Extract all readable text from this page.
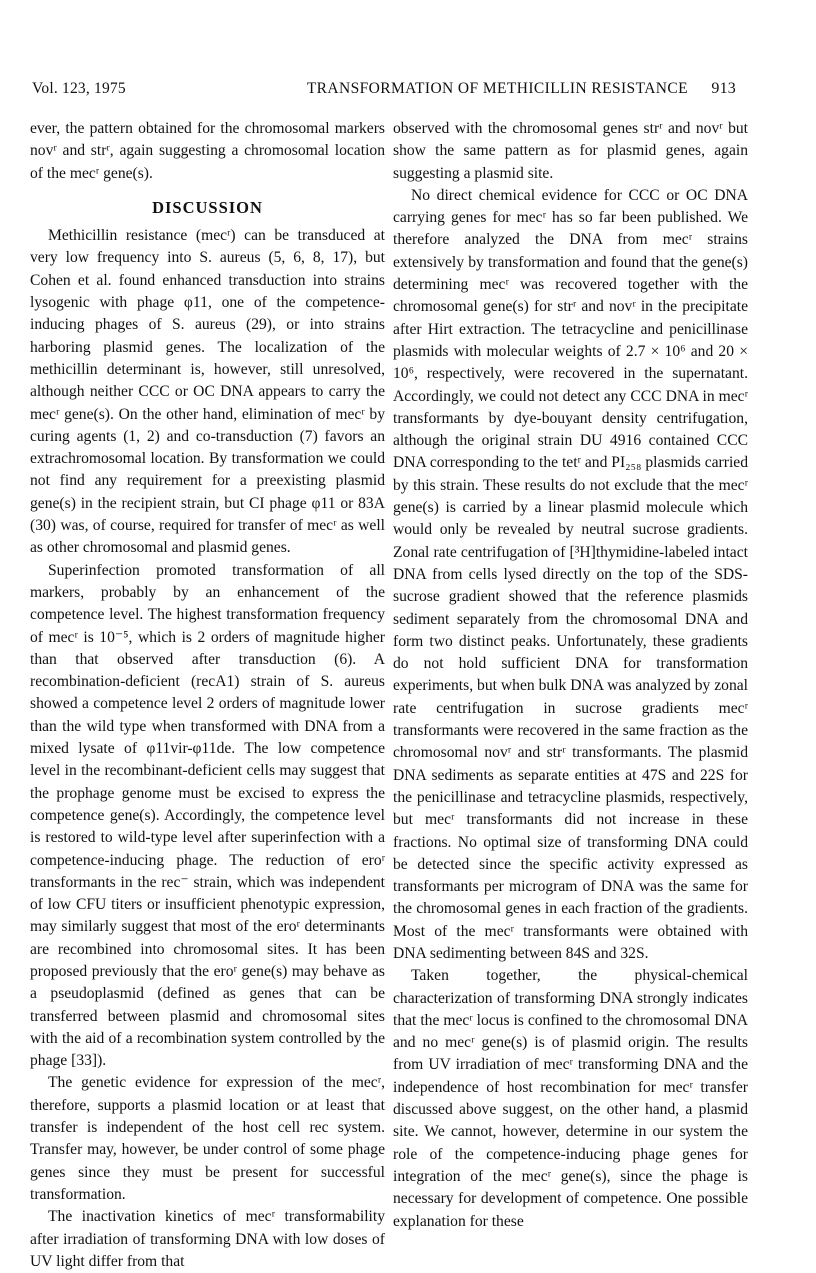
Vol. 123, 1975	TRANSFORMATION OF METHICILLIN RESISTANCE 913

ever, the pattern obtained for the chromosomal markers novʳ and strʳ, again suggesting a chromosomal location of the mecʳ gene(s).

DISCUSSION

Methicillin resistance (mecʳ) can be transduced at very low frequency into S. aureus (5, 6, 8, 17), but Cohen et al. found enhanced transduction into strains lysogenic with phage φ11, one of the competence-inducing phages of S. aureus (29), or into strains harboring plasmid genes. The localization of the methicillin determinant is, however, still unresolved, although neither CCC or OC DNA appears to carry the mecʳ gene(s). On the other hand, elimination of mecʳ by curing agents (1, 2) and co-transduction (7) favors an extrachromosomal location. By transformation we could not find any requirement for a preexisting plasmid gene(s) in the recipient strain, but CI phage φ11 or 83A (30) was, of course, required for transfer of mecʳ as well as other chromosomal and plasmid genes.

Superinfection promoted transformation of all markers, probably by an enhancement of the competence level. The highest transformation frequency of mecʳ is 10⁻⁵, which is 2 orders of magnitude higher than that observed after transduction (6). A recombination-deficient (recA1) strain of S. aureus showed a competence level 2 orders of magnitude lower than the wild type when transformed with DNA from a mixed lysate of φ11vir-φ11de. The low competence level in the recombinant-deficient cells may suggest that the prophage genome must be excised to express the competence gene(s). Accordingly, the competence level is restored to wild-type level after superinfection with a competence-inducing phage. The reduction of eroʳ transformants in the rec⁻ strain, which was independent of low CFU titers or insufficient phenotypic expression, may similarly suggest that most of the eroʳ determinants are recombined into chromosomal sites. It has been proposed previously that the eroʳ gene(s) may behave as a pseudoplasmid (defined as genes that can be transferred between plasmid and chromosomal sites with the aid of a recombination system controlled by the phage [33]).

The genetic evidence for expression of the mecʳ, therefore, supports a plasmid location or at least that transfer is independent of the host cell rec system. Transfer may, however, be under control of some phage genes since they must be present for successful transformation.

The inactivation kinetics of mecʳ transformability after irradiation of transforming DNA with low doses of UV light differ from that

observed with the chromosomal genes strʳ and novʳ but show the same pattern as for plasmid genes, again suggesting a plasmid site.

No direct chemical evidence for CCC or OC DNA carrying genes for mecʳ has so far been published. We therefore analyzed the DNA from mecʳ strains extensively by transformation and found that the gene(s) determining mecʳ was recovered together with the chromosomal gene(s) for strʳ and novʳ in the precipitate after Hirt extraction. The tetracycline and penicillinase plasmids with molecular weights of 2.7 × 10⁶ and 20 × 10⁶, respectively, were recovered in the supernatant. Accordingly, we could not detect any CCC DNA in mecʳ transformants by dye-bouyant density centrifugation, although the original strain DU 4916 contained CCC DNA corresponding to the tetʳ and PI₂₅₈ plasmids carried by this strain. These results do not exclude that the mecʳ gene(s) is carried by a linear plasmid molecule which would only be revealed by neutral sucrose gradients. Zonal rate centrifugation of [³H]thymidine-labeled intact DNA from cells lysed directly on the top of the SDS-sucrose gradient showed that the reference plasmids sediment separately from the chromosomal DNA and form two distinct peaks. Unfortunately, these gradients do not hold sufficient DNA for transformation experiments, but when bulk DNA was analyzed by zonal rate centrifugation in sucrose gradients mecʳ transformants were recovered in the same fraction as the chromosomal novʳ and strʳ transformants. The plasmid DNA sediments as separate entities at 47S and 22S for the penicillinase and tetracycline plasmids, respectively, but mecʳ transformants did not increase in these fractions. No optimal size of transforming DNA could be detected since the specific activity expressed as transformants per microgram of DNA was the same for the chromosomal genes in each fraction of the gradients. Most of the mecʳ transformants were obtained with DNA sedimenting between 84S and 32S.

Taken together, the physical-chemical characterization of transforming DNA strongly indicates that the mecʳ locus is confined to the chromosomal DNA and no mecʳ gene(s) is of plasmid origin. The results from UV irradiation of mecʳ transforming DNA and the independence of host recombination for mecʳ transfer discussed above suggest, on the other hand, a plasmid site. We cannot, however, determine in our system the role of the competence-inducing phage genes for integration of the mecʳ gene(s), since the phage is necessary for development of competence. One possible explanation for these
